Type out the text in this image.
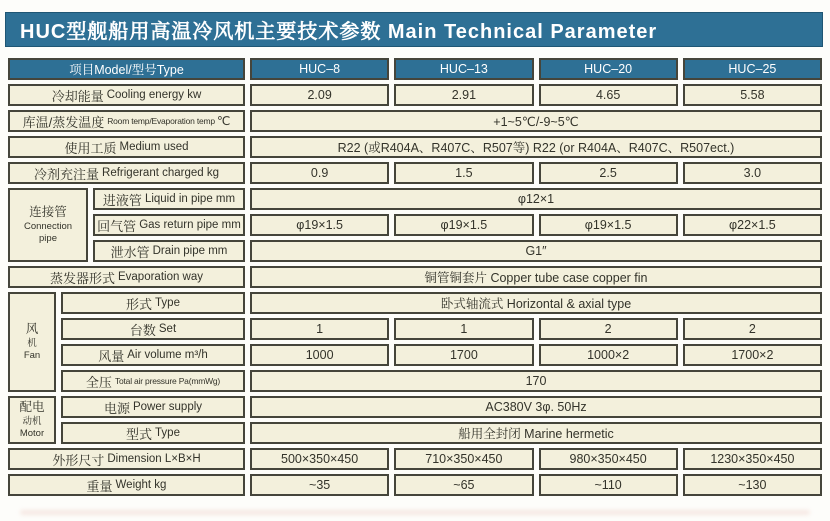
HUC型舰船用高温冷风机主要技术参数 Main Technical Parameter
项目Model/型号Type	HUC–8	HUC–13	HUC–20	HUC–25
冷却能量 Cooling energy kw	2.09	2.91	4.65	5.58
库温/蒸发温度 Room temp/Evaporation temp ℃	+1~5℃/-9~5℃
使用工质 Medium used	R22 (或R404A、R407C、R507等) R22 (or R404A、R407C、R507ect.)
冷剂充注量 Refrigerant charged kg	0.9	1.5	2.5	3.0
连接管
Connection
pipe
进液管 Liquid in pipe mm	φ12×1
回气管 Gas return pipe mm	φ19×1.5	φ19×1.5	φ19×1.5	φ22×1.5
泄水管 Drain pipe mm	G1″
蒸发器形式 Evaporation way	铜管铜套片 Copper tube case copper fin
风
机
Fan
形式 Type	卧式轴流式 Horizontal & axial type
台数 Set	1	1	2	2
风量 Air volume m³/h	1000	1700	1000×2	1700×2
全压 Total air pressure Pa(mmWg)	170
配电
动机
Motor
电源 Power supply	AC380V 3φ. 50Hz
型式 Type	船用全封闭 Marine hermetic
外形尺寸 Dimension L×B×H	500×350×450	710×350×450	980×350×450	1230×350×450
重量 Weight kg	~35	~65	~110	~130
